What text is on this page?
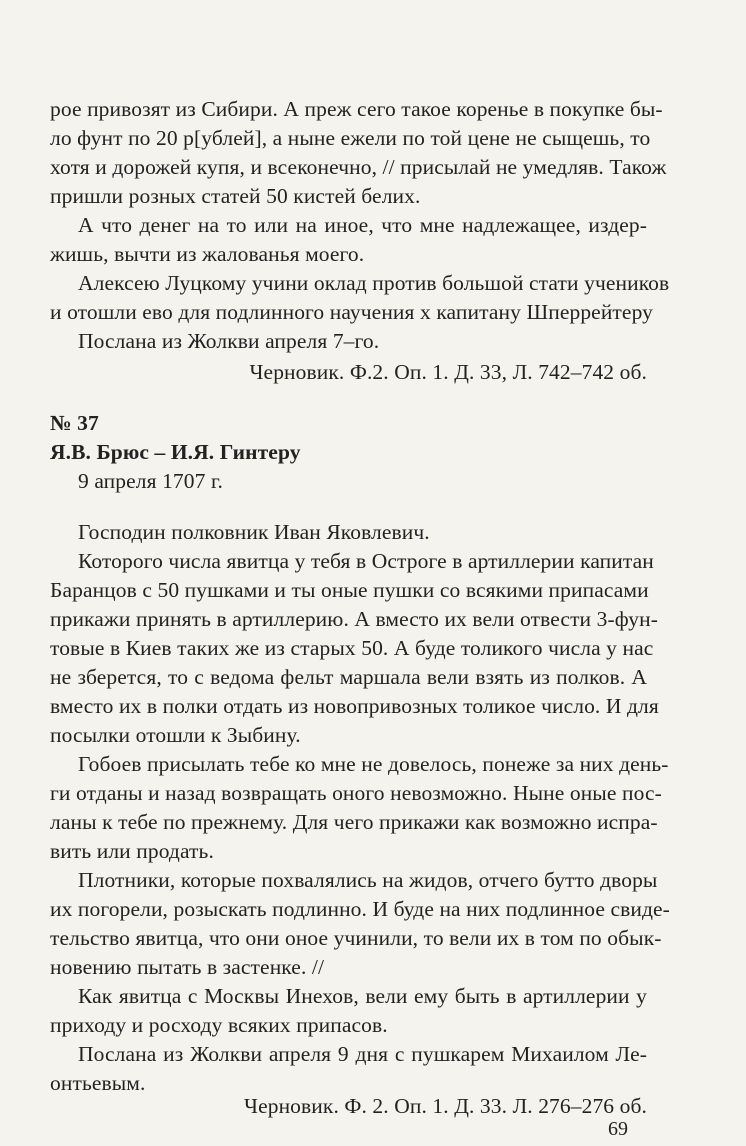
рое привозят из Сибири. А преж сего такое коренье в покупке бы-
ло фунт по 20 р[ублей], а ныне ежели по той цене не сыщешь, то
хотя и дорожей купя, и всеконечно, // присылай не умедляв. Також
пришли розных статей 50 кистей белих.
А что денег на то или на иное, что мне надлежащее, издер-
жишь, вычти из жалованья моего.
Алексею Луцкому учини оклад против большой стати учеников
и отошли ево для подлинного научения х капитану Шперрейтеру
Послана из Жолкви апреля 7–го.
Черновик. Ф.2. Оп. 1. Д. 33, Л. 742–742 об.
№ 37
Я.В. Брюс – И.Я. Гинтеру
9 апреля 1707 г.
Господин полковник Иван Яковлевич.
Которого числа явитца у тебя в Остроге в артиллерии капитан
Баранцов с 50 пушками и ты оные пушки со всякими припасами
прикажи принять в артиллерию. А вместо их вели отвести 3-фун-
товые в Киев таких же из старых 50. А буде толикого числа у нас
не зберется, то с ведома фельт маршала вели взять из полков. А
вместо их в полки отдать из новопривозных толикое число. И для
посылки отошли к Зыбину.
Гобоев присылать тебе ко мне не довелось, понеже за них день-
ги отданы и назад возвращать оного невозможно. Ныне оные пос-
ланы к тебе по прежнему. Для чего прикажи как возможно испра-
вить или продать.
Плотники, которые похвалялись на жидов, отчего бутто дворы
их погорели, розыскать подлинно. И буде на них подлинное свиде-
тельство явитца, что они оное учинили, то вели их в том по обык-
новению пытать в застенке. //
Как явитца с Москвы Инехов, вели ему быть в артиллерии у
приходу и росходу всяких припасов.
Послана из Жолкви апреля 9 дня с пушкарем Михаилом Ле-
онтьевым.
Черновик. Ф. 2. Оп. 1. Д. 33. Л. 276–276 об.
69
